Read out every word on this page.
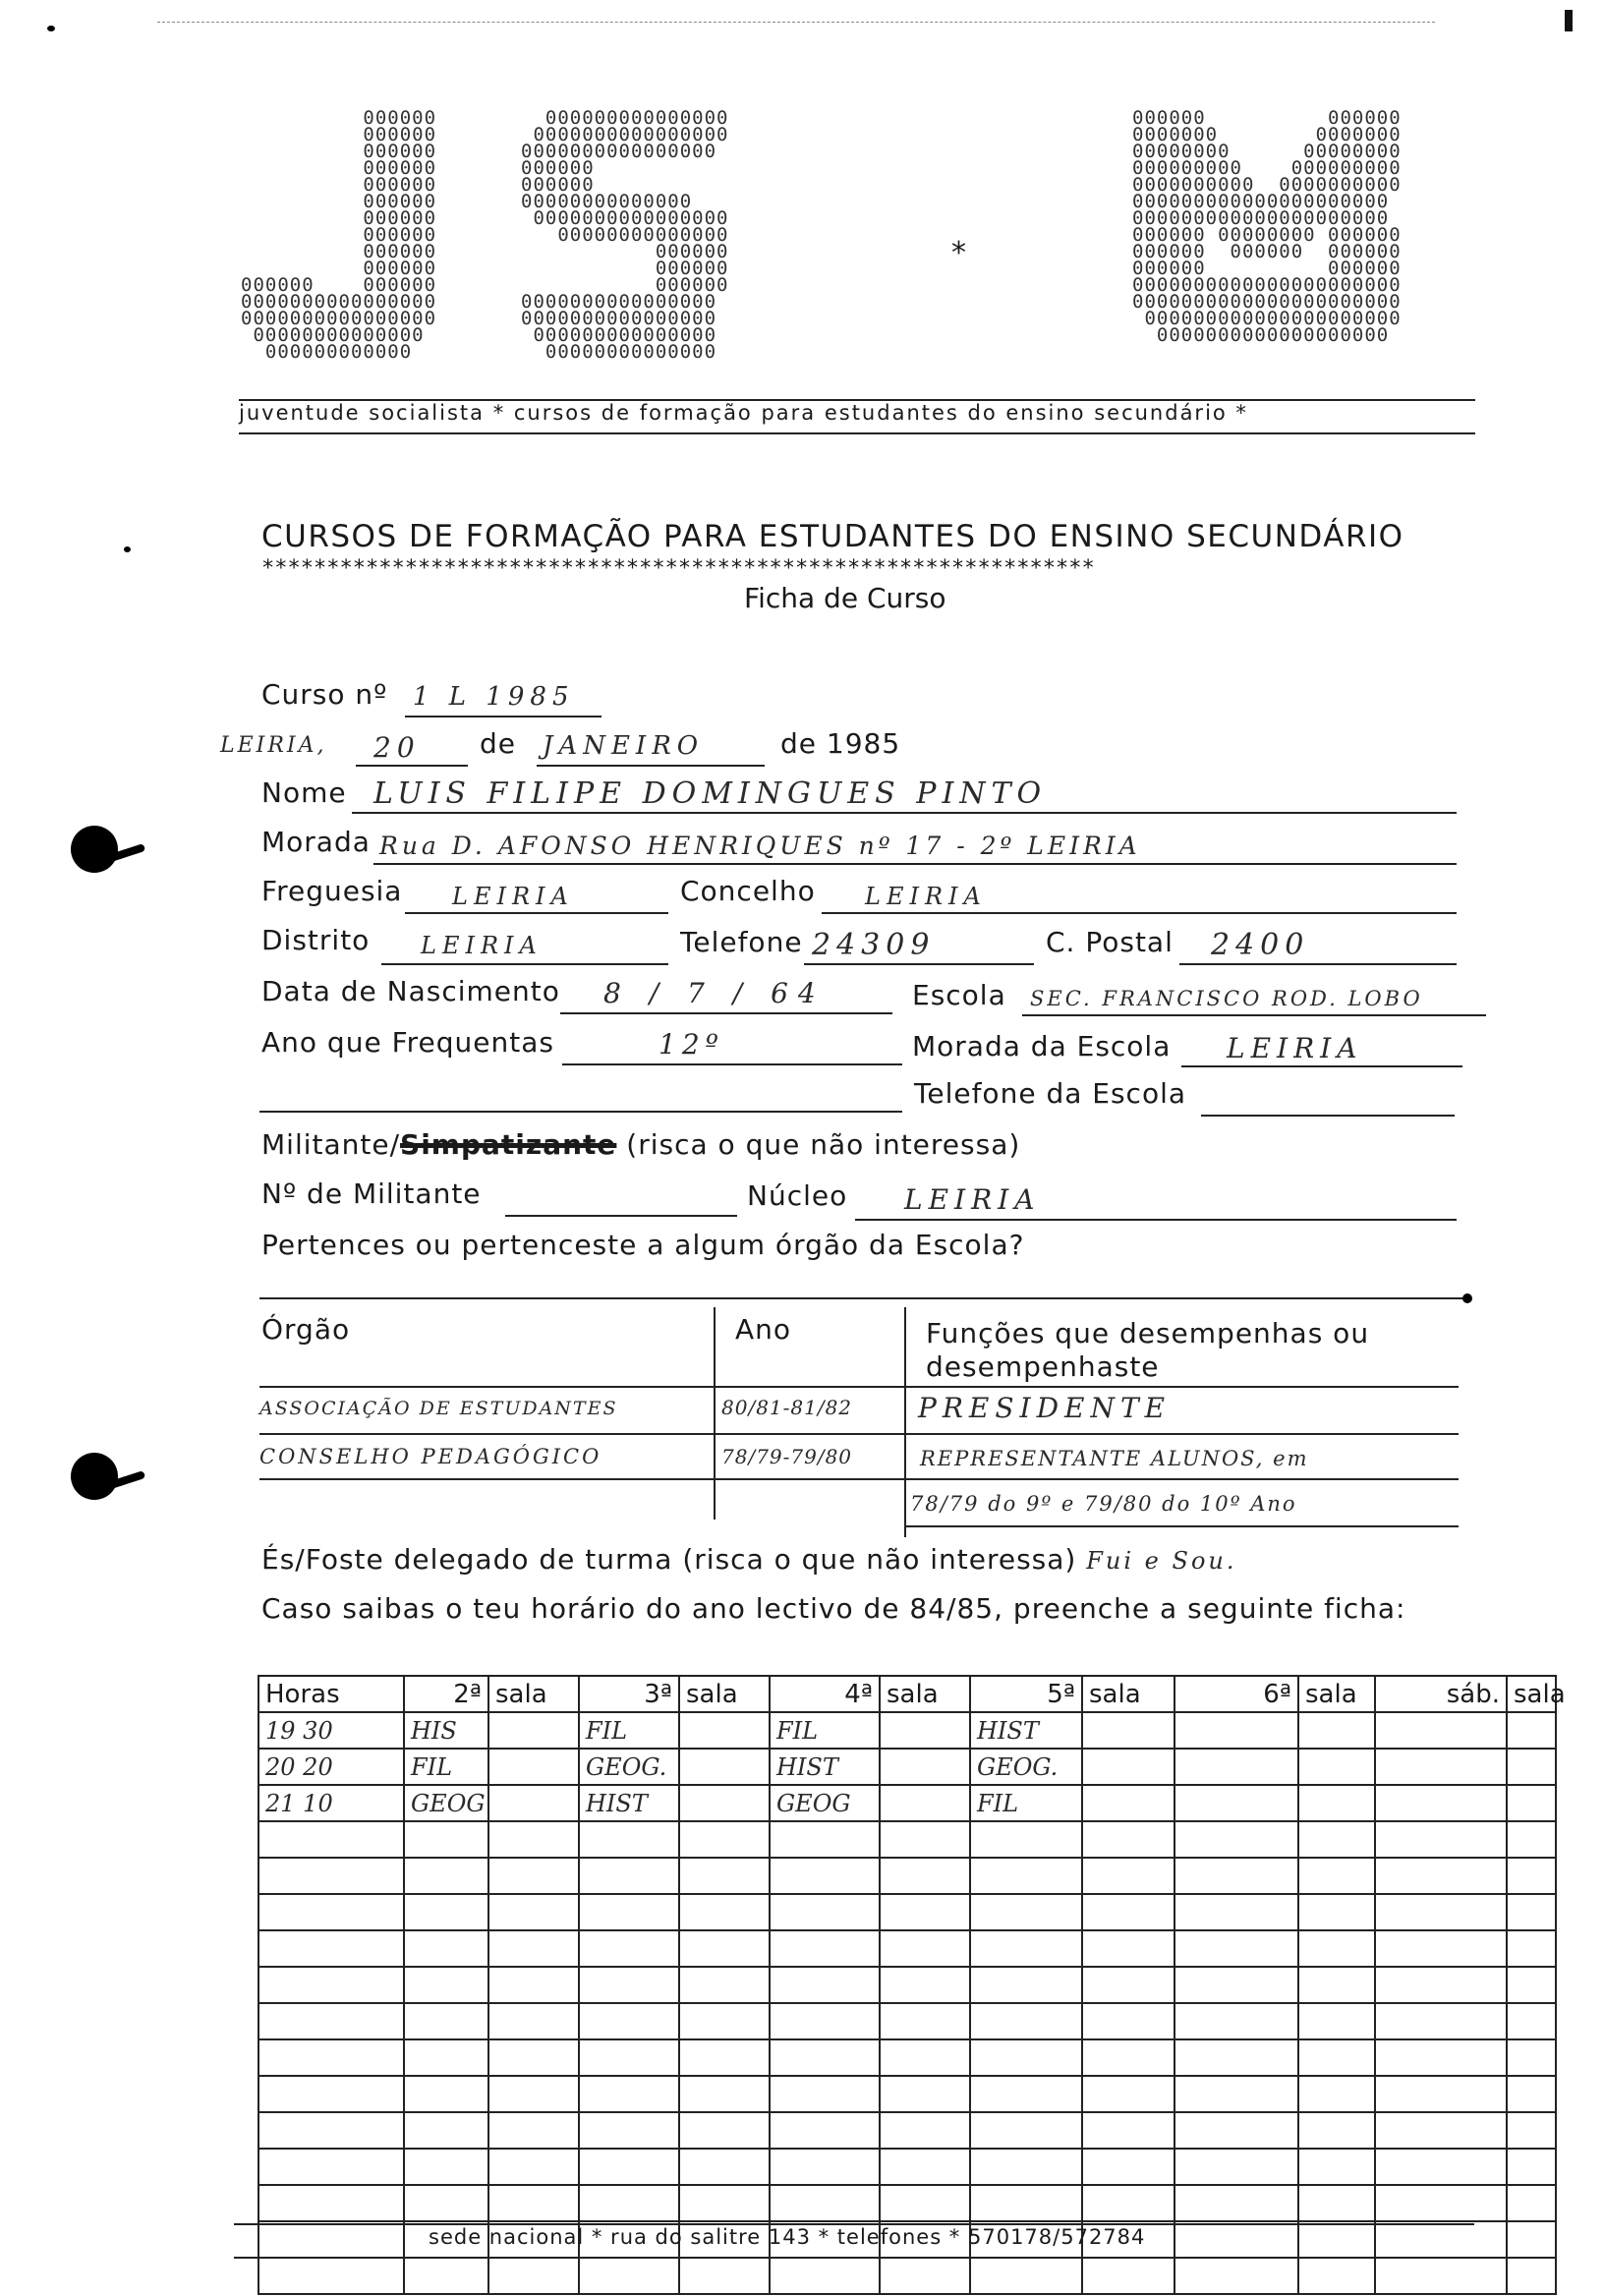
000000
000000
000000
000000
000000
000000
000000
000000
000000
000000
000000    000000
0000000000000000
0000000000000000
00000000000000
000000000000
000000000000000
0000000000000000
0000000000000000
000000
000000
00000000000000
0000000000000000
00000000000000
000000
000000
000000
0000000000000000
0000000000000000
000000000000000
00000000000000
*
000000          000000
0000000        0000000
00000000      00000000
000000000    000000000
0000000000  0000000000
000000000000000000000
000000000000000000000
000000 00000000 000000
000000  000000  000000
000000          000000
0000000000000000000000
0000000000000000000000
000000000000000000000
0000000000000000000
juventude socialista * cursos de formação para estudantes do ensino secundário *
CURSOS DE FORMAÇÃO PARA ESTUDANTES DO ENSINO SECUNDÁRIO
****************************************************************
Ficha de Curso
Curso nº 1 L 1985
LEIRIA, 20 de JANEIRO	de 1985
Nome LUIS FILIPE DOMINGUES PINTO
Morada Rua D. AFONSO HENRIQUES nº 17 - 2º LEIRIA
Freguesia LEIRIA	Concelho LEIRIA
Distrito LEIRIA	Telefone 24309	C. Postal 2400
Data de Nascimento 8 / 7 / 64	Escola SEC. FRANCISCO ROD. LOBO
Ano que Frequentas	12º	Morada da Escola LEIRIA
Telefone da Escola
Militante/Simpatizante (risca o que não interessa)
Nº de Militante	Núcleo LEIRIA
Pertences ou pertenceste a algum órgão da Escola?
Órgão	Ano	Funções que desempenhas ou desempenhaste
ASSOCIAÇÃO DE ESTUDANTES	80/81-81/82 PRESIDENTE
CONSELHO PEDAGÓGICO	78/79-79/80	REPRESENTANTE ALUNOS, em
78/79 do 9º e 79/80 do 10º Ano
És/Foste delegado de turma (risca o que não interessa) Fui e Sou.
Caso saibas o teu horário do ano lectivo de 84/85, preenche a seguinte ficha:
Horas	2ª	sala	3ª	sala	4ª	sala	5ª	sala	6ª	sala	sáb.	sala
19 30	HIS		FIL		FIL		HIST					
20 20	FIL		GEOG.		HIST		GEOG.					
21 10	GEOG		HIST		GEOG		FIL					

sede nacional * rua do salitre 143 * telefones * 570178/572784
